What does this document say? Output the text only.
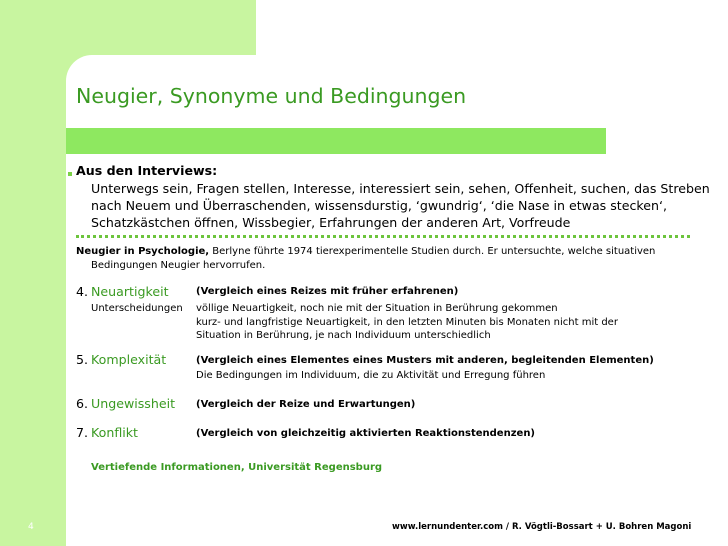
Neugier, Synonyme und Bedingungen
Aus den Interviews:
Unterwegs sein, Fragen stellen, Interesse, interessiert sein, sehen, Offenheit, suchen, das Streben
nach Neuem und Überraschenden, wissensdurstig, ‘gwundrig‘, ‘die Nase in etwas stecken‘,
Schatzkästchen öffnen, Wissbegier, Erfahrungen der anderen Art, Vorfreude
Neugier in Psychologie, Berlyne führte 1974 tierexperimentelle Studien durch. Er untersuchte, welche situativen
Bedingungen Neugier hervorrufen.
4. Neuartigkeit	(Vergleich eines Reizes mit früher erfahrenen)
Unterscheidungen völlige Neuartigkeit, noch nie mit der Situation in Berührung gekommen
kurz- und langfristige Neuartigkeit, in den letzten Minuten bis Monaten nicht mit der
Situation in Berührung, je nach Individuum unterschiedlich
5. Komplexität	(Vergleich eines Elementes eines Musters mit anderen, begleitenden Elementen)
Die Bedingungen im Individuum, die zu Aktivität und Erregung führen
6. Ungewissheit (Vergleich der Reize und Erwartungen)
7. Konflikt	(Vergleich von gleichzeitig aktivierten Reaktionstendenzen)
Vertiefende Informationen, Universität Regensburg
4	www.lernundenter.com / R. Vögtli-Bossart + U. Bohren Magoni
